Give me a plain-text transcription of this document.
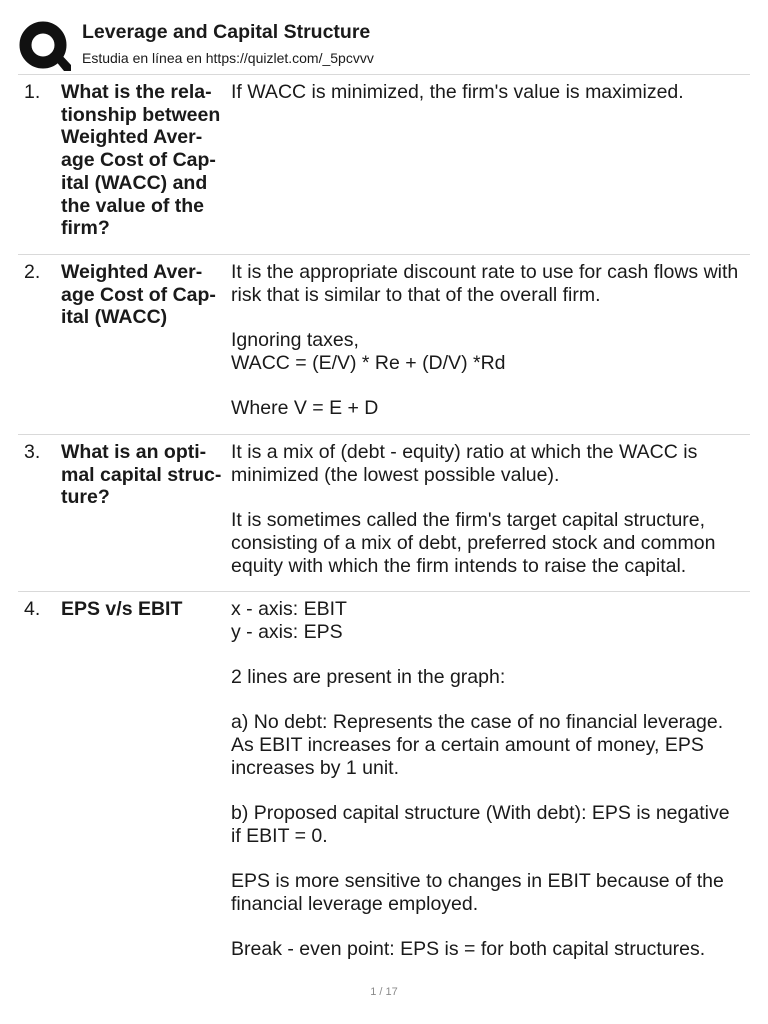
Leverage and Capital Structure
Estudia en línea en https://quizlet.com/_5pcvvv
1. What is the rela-
tionship between
Weighted Aver-
age Cost of Cap-
ital (WACC) and
the value of the
firm?
If WACC is minimized, the firm's value is maximized.
2. Weighted Aver-
age Cost of Cap-
ital (WACC)
It is the appropriate discount rate to use for cash flows with
risk that is similar to that of the overall firm.
Ignoring taxes,
WACC = (E/V) * Re + (D/V) *Rd
Where V = E + D
3. What is an opti-
mal capital struc-
ture?
It is a mix of (debt - equity) ratio at which the WACC is
minimized (the lowest possible value).
It is sometimes called the firm's target capital structure,
consisting of a mix of debt, preferred stock and common
equity with which the firm intends to raise the capital.
4. EPS v/s EBIT	x - axis: EBIT
y - axis: EPS
2 lines are present in the graph:
a) No debt: Represents the case of no financial leverage.
As EBIT increases for a certain amount of money, EPS
increases by 1 unit.
b) Proposed capital structure (With debt): EPS is negative
if EBIT = 0.
EPS is more sensitive to changes in EBIT because of the
financial leverage employed.
Break - even point: EPS is = for both capital structures.
1 / 17
